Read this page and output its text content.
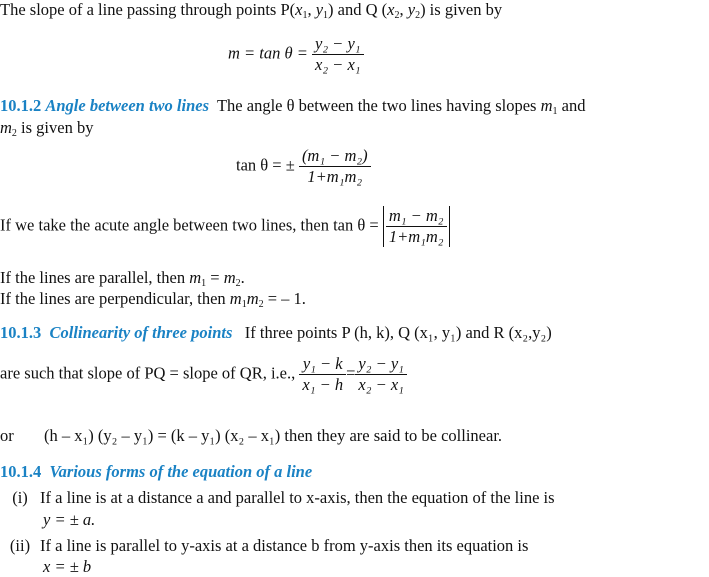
The slope of a line passing through points $P(x_1$, $y_1$) and Q ($x_2$, $y_2$) is given by
$m = \tan \theta = \frac{\text{y₂ − y₁}}{\text{x₂ − x₁}}$
10.1.2 Angle between two lines The angle θ between the two lines having slopes $m_1$ and
$m_2$ is given by
tan θ = ± $\frac{\text{(m₁ − m₂)}}{\text{1+m₁m₂}}$
If we take the acute angle between two lines, then $\tan \theta = \frac{\text{m₁ − m₂}}{\text{1+m₁m₂}}$
If the lines are parallel, then $m_1 = m_2$.
If the lines are perpendicular, then $m_1m_2$ = – 1.
10.1.3 Collinearity of three points If three points P (h, k), Q (x₁, y₁) and R (x₂,y₂)
are such that slope of PQ = slope of QR, i.e., $\frac{\text{y₁ − k}}{\text{x₁ − h}} = \frac{\text{y₂ − y₁}}{\text{x₂ − x₁}}$
or (h – x₁) (y₂ – y₁) = (k – y₁) (x₂ – x₁) then they are said to be collinear.
10.1.4 Various forms of the equation of a line
(i) If a line is at a distance a and parallel to x-axis, then the equation of the line is
y = ± a.
(ii) If a line is parallel to y-axis at a distance b from y-axis then its equation is
x = ± b
